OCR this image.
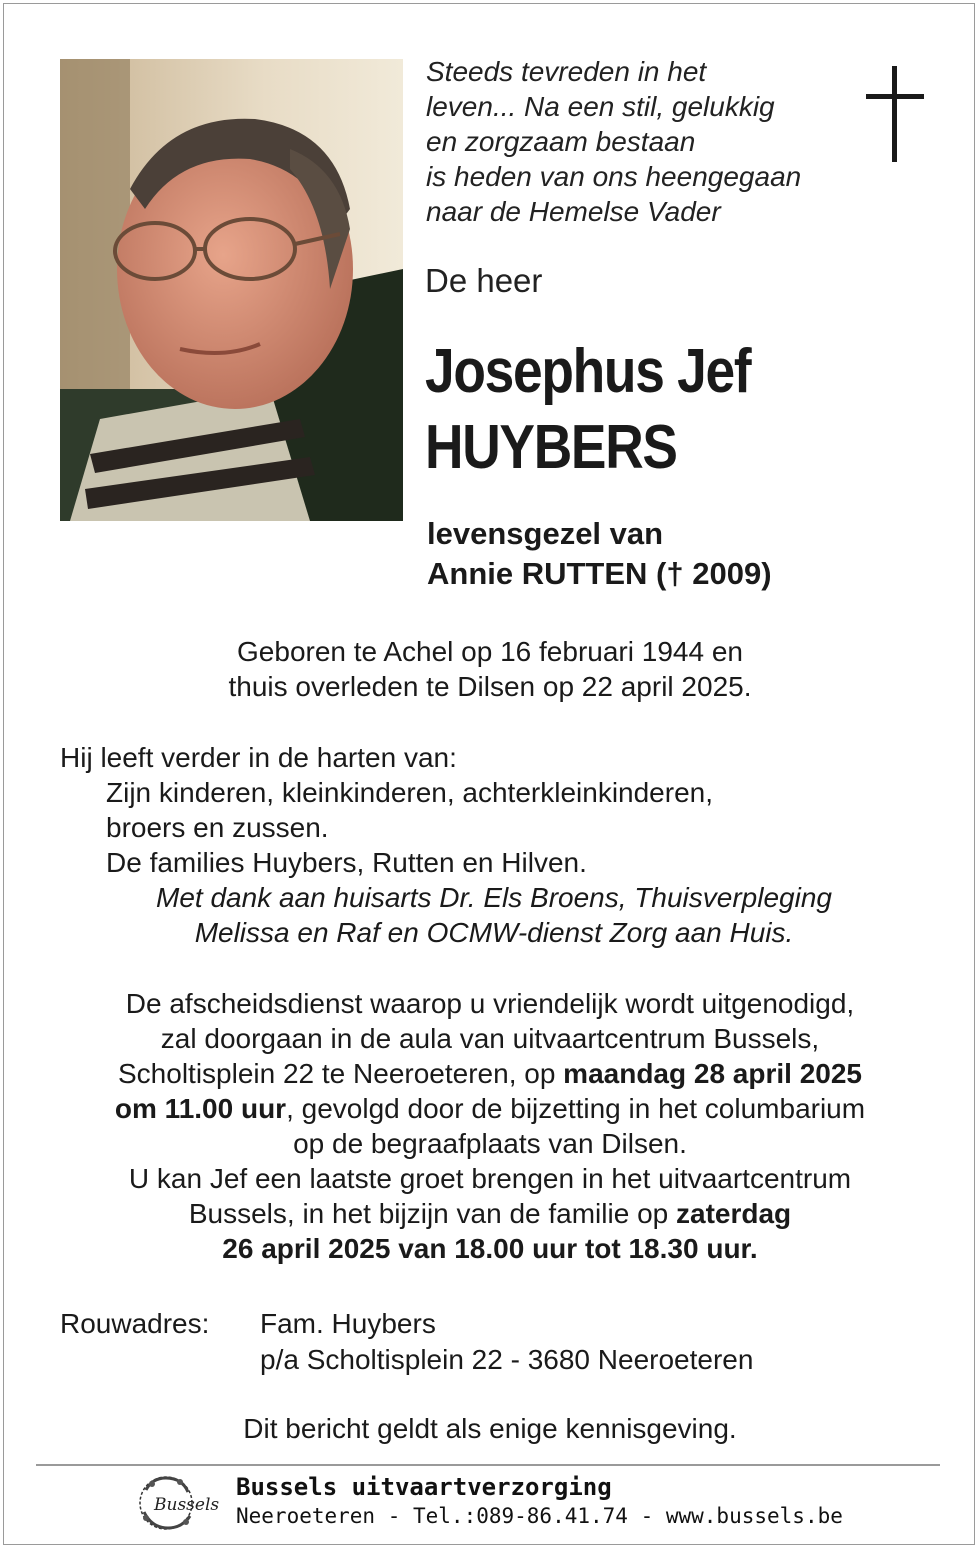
Steeds tevreden in het
leven... Na een stil, gelukkig
en zorgzaam bestaan
is heden van ons heengegaan
naar de Hemelse Vader
De heer
Josephus Jef
HUYBERS
levensgezel van
Annie RUTTEN († 2009)
Geboren te Achel op 16 februari 1944 en
thuis overleden te Dilsen op 22 april 2025.
Hij leeft verder in de harten van:
Zijn kinderen, kleinkinderen, achterkleinkinderen,
broers en zussen.
De families Huybers, Rutten en Hilven.
Met dank aan huisarts Dr. Els Broens, Thuisverpleging
Melissa en Raf en OCMW-dienst Zorg aan Huis.
De afscheidsdienst waarop u vriendelijk wordt uitgenodigd,
zal doorgaan in de aula van uitvaartcentrum Bussels,
Scholtisplein 22 te Neeroeteren, op maandag 28 april 2025
om 11.00 uur, gevolgd door de bijzetting in het columbarium
op de begraafplaats van Dilsen.
U kan Jef een laatste groet brengen in het uitvaartcentrum
Bussels, in het bijzijn van de familie op zaterdag
26 april 2025 van 18.00 uur tot 18.30 uur.
Rouwadres: Fam. Huybers
p/a Scholtisplein 22 - 3680 Neeroeteren
Dit bericht geldt als enige kennisgeving.
Bussels
Bussels uitvaartverzorging
Neeroeteren - Tel.:089-86.41.74 - www.bussels.be
